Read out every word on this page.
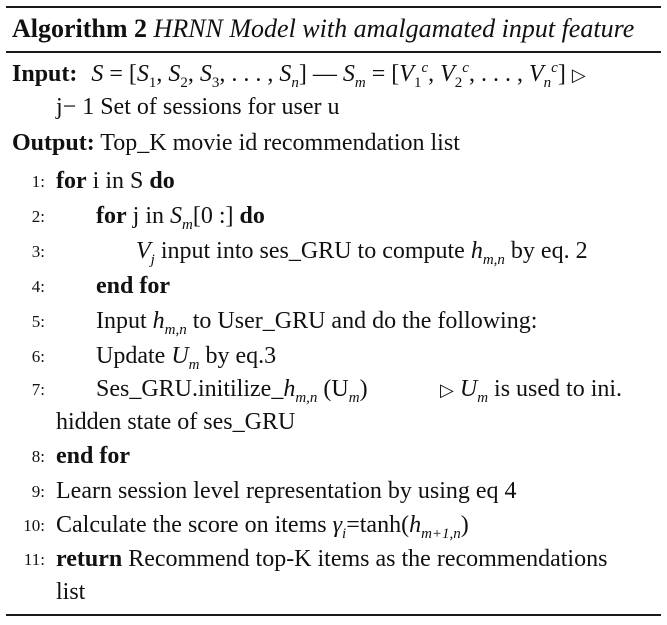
Algorithm 2 HRNN Model with amalgamated input feature
Input: $S = [S_1$, $S_2$, $S_3$, . . . , $S_n$] — $S_m = [V_1^c$, $V_2^c$, . . . , $V_n^c$] ▷
j− 1 Set of sessions for user u
Output: Top_K movie id recommendation list
1: for i in S do
2: for j in $S_m[0$ :] do
3:	$V_j$ input into ses_GRU to compute $h_{m,n}$ by eq. 2
4: end for
5: Input $h_{m,n}$ to User_GRU and do the following:
6: Update $U_m$ by eq.3
7: $Ses\_GRU.initilize\_h_{m,n}$ $(U_m)$	▷ $U_m$ is used to ini.
hidden state of ses_GRU
8: end for
9: Learn session level representation by using eq 4
10: Calculate the score on items $\gamma_i=\tanh(h_{m+1,n})$
11: return Recommend top-K items as the recommendations
list
